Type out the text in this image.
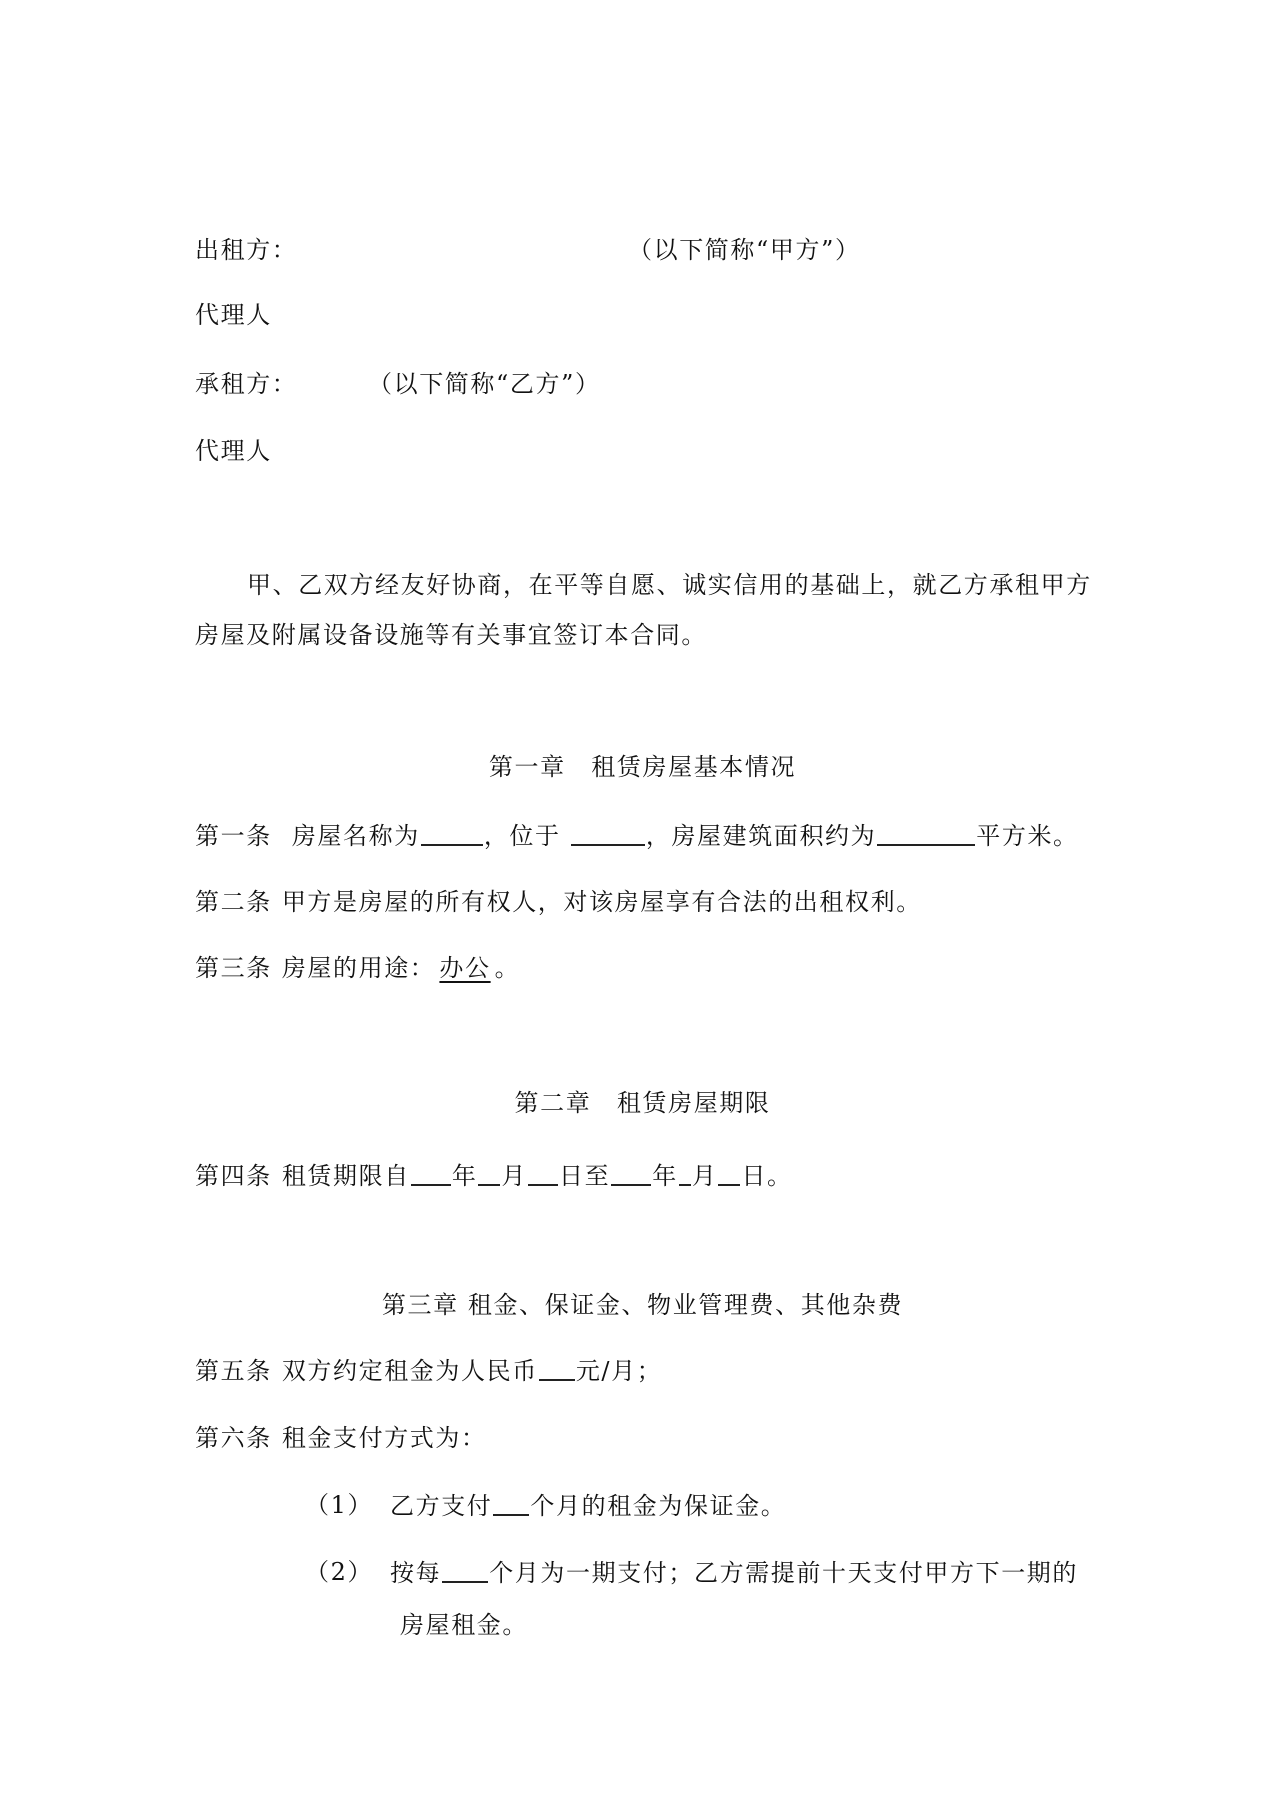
出租方：	（以下简称“甲方”）
代理人
承租方：	（以下简称“乙方”）
代理人
甲、乙双方经友好协商，在平等自愿、诚实信用的基础上，就乙方承租甲方
房屋及附属设备设施等有关事宜签订本合同。
第一章　租赁房屋基本情况
第一条 房屋名称为	，位于	，房屋建筑面积约为	平方米。
第二条 甲方是房屋的所有权人，对该房屋享有合法的出租权利。
第三条 房屋的用途： 办公 。
第二章　租赁房屋期限
第四条 租赁期限自 年 月 日至 年 月 日。
第三章 租金、保证金、物业管理费、其他杂费
第五条 双方约定租金为人民币 元/月；
第六条 租金支付方式为：
（1） 乙方支付 个月的租金为保证金。
（2） 按每 个月为一期支付；乙方需提前十天支付甲方下一期的
房屋租金。
